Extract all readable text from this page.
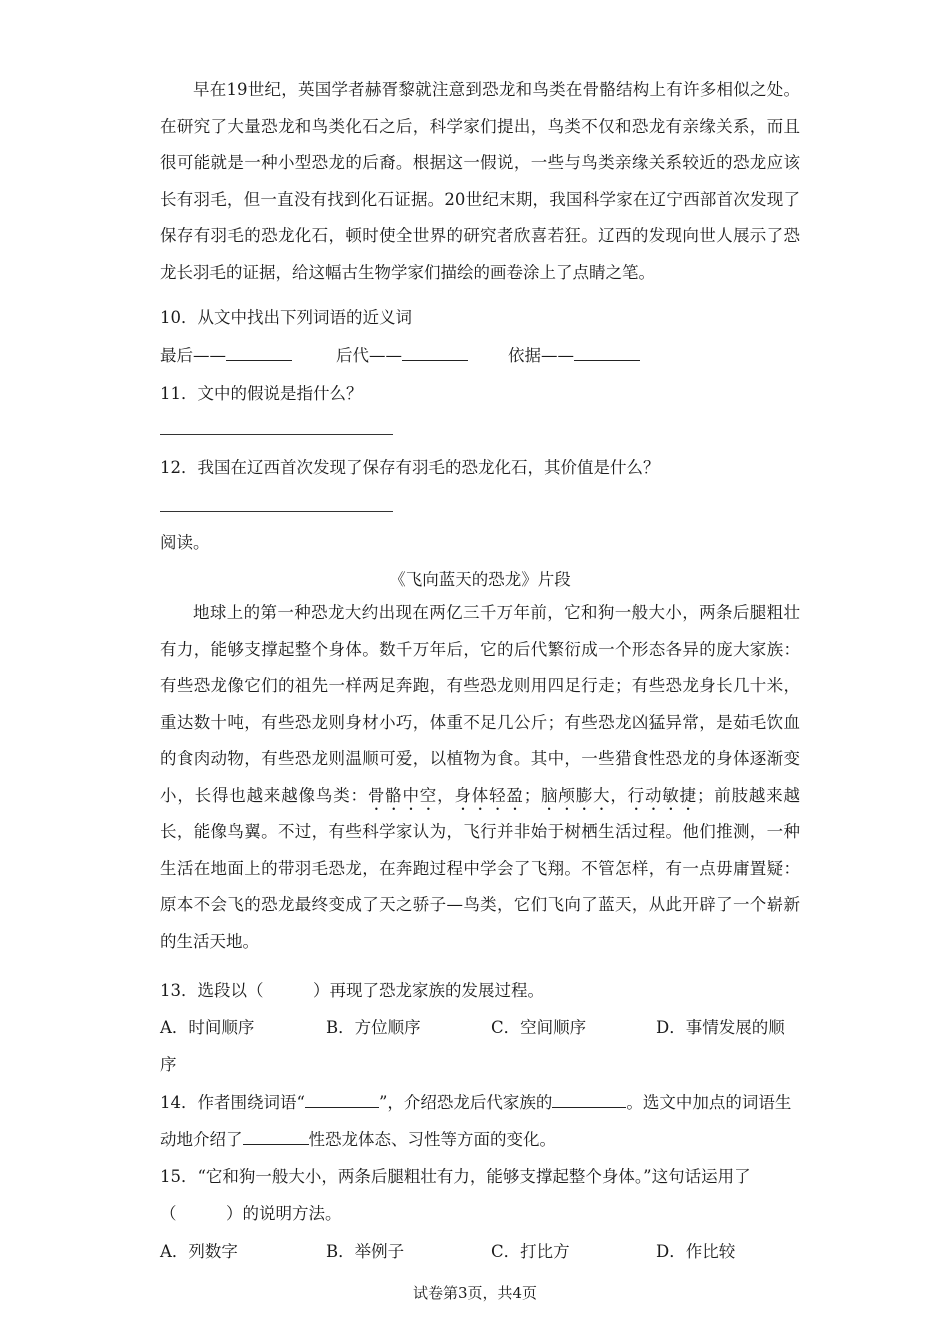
早在19世纪，英国学者赫胥黎就注意到恐龙和鸟类在骨骼结构上有许多相似之处。在研究了大量恐龙和鸟类化石之后，科学家们提出，鸟类不仅和恐龙有亲缘关系，而且很可能就是一种小型恐龙的后裔。根据这一假说，一些与鸟类亲缘关系较近的恐龙应该长有羽毛，但一直没有找到化石证据。20世纪末期，我国科学家在辽宁西部首次发现了保存有羽毛的恐龙化石，顿时使全世界的研究者欣喜若狂。辽西的发现向世人展示了恐龙长羽毛的证据，给这幅古生物学家们描绘的画卷涂上了点睛之笔。

10．从文中找出下列词语的近义词
最后——	后代——	依据——
11．文中的假说是指什么？
12．我国在辽西首次发现了保存有羽毛的恐龙化石，其价值是什么？
阅读。
《飞向蓝天的恐龙》片段

地球上的第一种恐龙大约出现在两亿三千万年前，它和狗一般大小，两条后腿粗壮有力，能够支撑起整个身体。数千万年后，它的后代繁衍成一个形态各异的庞大家族：有些恐龙像它们的祖先一样两足奔跑，有些恐龙则用四足行走；有些恐龙身长几十米，重达数十吨，有些恐龙则身材小巧，体重不足几公斤；有些恐龙凶猛异常，是茹毛饮血的食肉动物，有些恐龙则温顺可爱，以植物为食。其中，一些猎食性恐龙的身体逐渐变小，长得也越来越像鸟类：骨骼中空，身体轻盈；脑颅膨大，行动敏捷；前肢越来越长，能像鸟翼。不过，有些科学家认为，飞行并非始于树栖生活过程。他们推测，一种生活在地面上的带羽毛恐龙，在奔跑过程中学会了飞翔。不管怎样，有一点毋庸置疑：原本不会飞的恐龙最终变成了天之骄子—鸟类，它们飞向了蓝天，从此开辟了一个崭新的生活天地。

13．选段以（　　　）再现了恐龙家族的发展过程。
A．时间顺序	B．方位顺序	C．空间顺序	D．事情发展的顺
序
14．作者围绕词语“	”，介绍恐龙后代家族的	。选文中加点的词语生
动地介绍了	性恐龙体态、习性等方面的变化。
15．“它和狗一般大小，两条后腿粗壮有力，能够支撑起整个身体。”这句话运用了
（　　　）的说明方法。
A．列数字	B．举例子	C．打比方	D．作比较
试卷第3页，共4页
